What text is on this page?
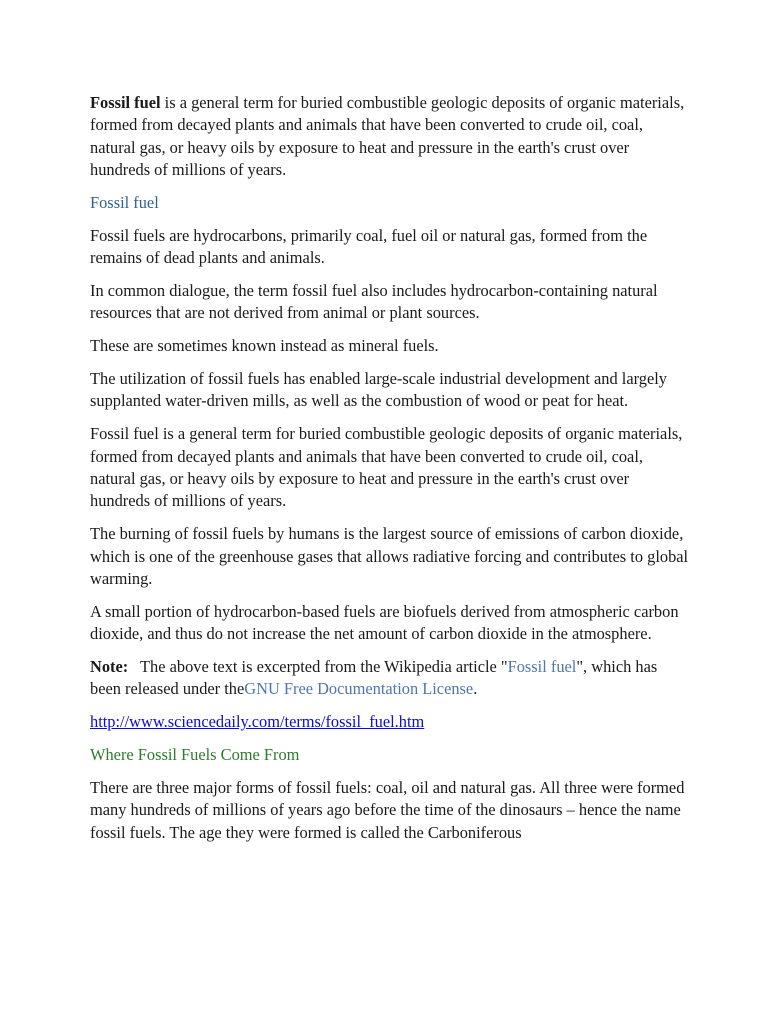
Fossil fuel is a general term for buried combustible geologic deposits of organic materials, formed from decayed plants and animals that have been converted to crude oil, coal, natural gas, or heavy oils by exposure to heat and pressure in the earth's crust over hundreds of millions of years.

Fossil fuel

Fossil fuels are hydrocarbons, primarily coal, fuel oil or natural gas, formed from the remains of dead plants and animals.

In common dialogue, the term fossil fuel also includes hydrocarbon-containing natural resources that are not derived from animal or plant sources.

These are sometimes known instead as mineral fuels.

The utilization of fossil fuels has enabled large-scale industrial development and largely supplanted water-driven mills, as well as the combustion of wood or peat for heat.

Fossil fuel is a general term for buried combustible geologic deposits of organic materials, formed from decayed plants and animals that have been converted to crude oil, coal, natural gas, or heavy oils by exposure to heat and pressure in the earth's crust over hundreds of millions of years.

The burning of fossil fuels by humans is the largest source of emissions of carbon dioxide, which is one of the greenhouse gases that allows radiative forcing and contributes to global warming.

A small portion of hydrocarbon-based fuels are biofuels derived from atmospheric carbon dioxide, and thus do not increase the net amount of carbon dioxide in the atmosphere.

Note: The above text is excerpted from the Wikipedia article "Fossil fuel", which has been released under theGNU Free Documentation License.

http://www.sciencedaily.com/terms/fossil_fuel.htm

Where Fossil Fuels Come From

There are three major forms of fossil fuels: coal, oil and natural gas. All three were formed many hundreds of millions of years ago before the time of the dinosaurs – hence the name fossil fuels. The age they were formed is called the Carboniferous
